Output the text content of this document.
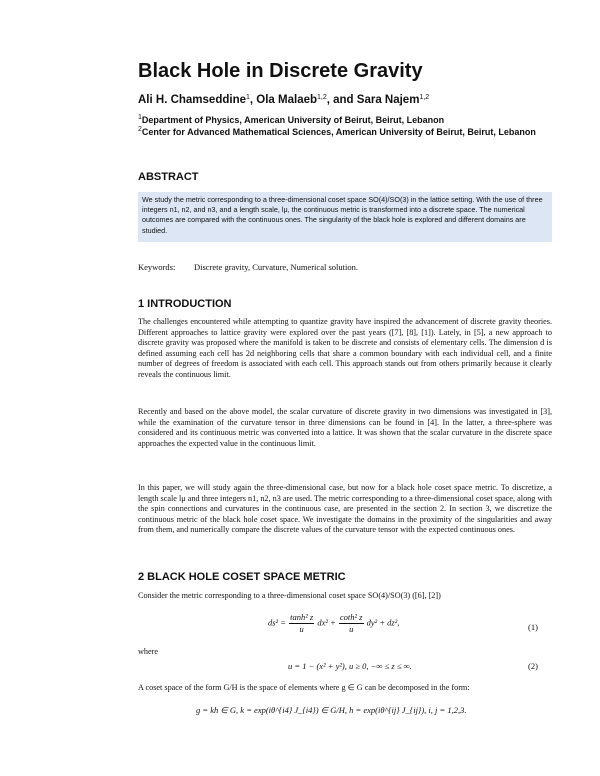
Black Hole in Discrete Gravity
Ali H. Chamseddine$^1$, Ola Malaeb$^{1,2}$, and Sara Najem$^{1,2}$
$^1$Department of Physics, American University of Beirut, Beirut, Lebanon
$^2$Center for Advanced Mathematical Sciences, American University of Beirut, Beirut, Lebanon
ABSTRACT
We study the metric corresponding to a three-dimensional coset space SO(4)/SO(3) in the lattice setting. With the use of three integers n1, n2, and n3, and a length scale, lμ, the continuous metric is transformed into a discrete space. The numerical outcomes are compared with the continuous ones. The singularity of the black hole is explored and different domains are studied.
Keywords: Discrete gravity, Curvature, Numerical solution.
1 INTRODUCTION

The challenges encountered while attempting to quantize gravity have inspired the advancement of discrete gravity theories. Different approaches to lattice gravity were explored over the past years ([7], [8], [1]). Lately, in [5], a new approach to discrete gravity was proposed where the manifold is taken to be discrete and consists of elementary cells. The dimension d is defined assuming each cell has 2d neighboring cells that share a common boundary with each individual cell, and a finite number of degrees of freedom is associated with each cell. This approach stands out from others primarily because it clearly reveals the continuous limit.

Recently and based on the above model, the scalar curvature of discrete gravity in two dimensions was investigated in [3], while the examination of the curvature tensor in three dimensions can be found in [4]. In the latter, a three-sphere was considered and its continuous metric was converted into a lattice. It was shown that the scalar curvature in the discrete space approaches the expected value in the continuous limit.

In this paper, we will study again the three-dimensional case, but now for a black hole coset space metric. To discretize, a length scale lμ and three integers n1, n2, n3 are used. The metric corresponding to a three-dimensional coset space, along with the spin connections and curvatures in the continuous case, are presented in the section 2. In section 3, we discretize the continuous metric of the black hole coset space. We investigate the domains in the proximity of the singularities and away from them, and numerically compare the discrete values of the curvature tensor with the expected continuous ones.

2 BLACK HOLE COSET SPACE METRIC

Consider the metric corresponding to a three-dimensional coset space SO(4)/SO(3) ([6], [2])

$ds^2 = \frac{\text{tanh² z}}{u} dx^2 + \frac{\text{coth² z}}{u} dy^2 + dz^2$,	(1)

where

u = 1 − (x² + y²), u ≥ 0, −∞ ≤ z ≤ ∞.	(2)

A coset space of the form G/H is the space of elements where g ∈ G can be decomposed in the form:

g = kh ∈ G, k = exp(iθ^{i4} J_{i4}) ∈ G/H, h = exp(iθ^{ij} J_{ij}), i, j = 1,2,3.
